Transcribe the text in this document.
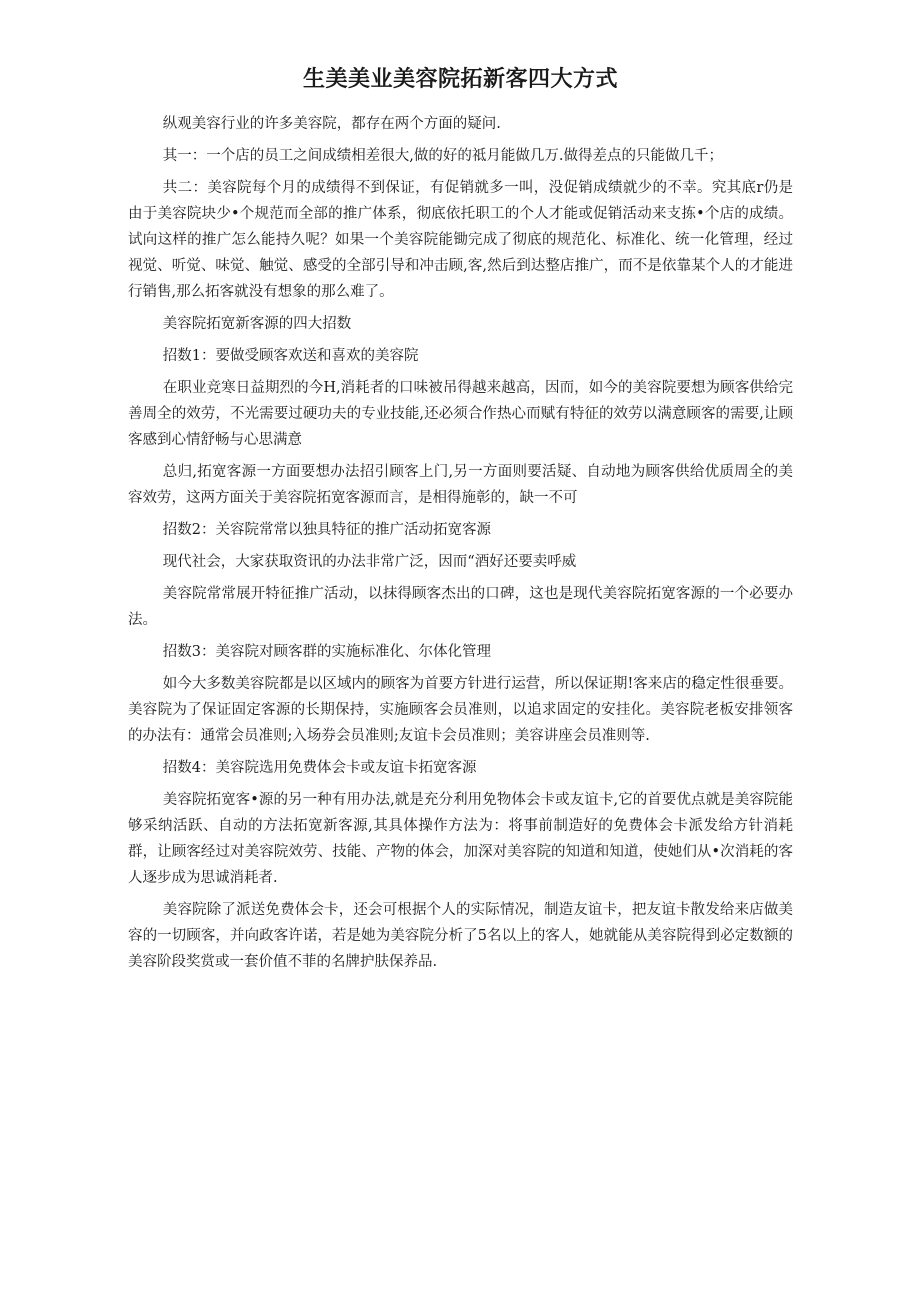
生美美业美容院拓新客四大方式

纵观美容行业的许多美容院，都存在两个方面的疑问.

其一：一个店的员工之间成绩相差很大,做的好的祗月能做几万.做得差点的只能做几千；

共二：美容院每个月的成绩得不到保证，有促销就多一叫，没促销成绩就少的不幸。究其底r仍是由于美容院块少•个规范而全部的推广体系，彻底依托职工的个人才能或促销活动来支拣•个店的成绩。试向这样的推广怎么能持久呢？如果一个美容院能锄完成了彻底的规范化、标准化、统一化管理，经过视觉、听觉、味觉、触觉、感受的全部引导和冲击顾,客,然后到达整店推广，而不是依靠某个人的才能进行销售,那么拓客就没有想象的那么难了。

美容院拓宽新客源的四大招数

招数1：要做受顾客欢送和喜欢的美容院

在职业竞寒日益期烈的今H,消耗者的口味被吊得越来越高，因而，如今的美容院要想为顾客供给完善周全的效劳，不光需要过硬功夫的专业技能,还必须合作热心而赋有特征的效劳以满意顾客的需要,让顾客感到心情舒畅与心思满意

总归,拓宽客源一方面要想办法招引顾客上门,另一方面则要活疑、自动地为顾客供给优质周全的美容效劳，这两方面关于美容院拓宽客源而言，是相得施彰的，缺一不可

招数2：关容院常常以独具特征的推广活动拓宽客源

现代社会，大家获取资讯的办法非常广泛，因而“酒好还要卖呼威

美容院常常展开特征推广活动，以抹得顾客杰出的口碑，这也是现代美容院拓宽客源的一个必要办法。

招数3：美容院对顾客群的实施标准化、尔体化管理

如今大多数美容院都是以区域内的顾客为首要方针进行运营，所以保证期!客来店的稳定性很垂要。美容院为了保证固定客源的长期保持，实施顾客会员准则，以追求固定的安挂化。美容院老板安排领客的办法有：通常会员准则;入场券会员准则;友谊卡会员准则；美容讲座会员准则等.

招数4：美容院选用免费体会卡或友谊卡拓宽客源

美容院拓宽客•源的另一种有用办法,就是充分利用免物体会卡或友谊卡,它的首要优点就是美容院能够采纳活跃、自动的方法拓宽新客源,其具体操作方法为：将事前制造好的免费体会卡派发给方针消耗群，让顾客经过对美容院效劳、技能、产物的体会，加深对美容院的知道和知道，使她们从•次消耗的客人逐步成为思诚消耗者.

美容院除了派送免费体会卡，还会可根据个人的实际情况，制造友谊卡，把友谊卡散发给来店做美容的一切顾客，并向政客许诺，若是她为美容院分析了5名以上的客人，她就能从美容院得到必定数额的美容阶段奖赏或一套价值不菲的名牌护肤保养品.
